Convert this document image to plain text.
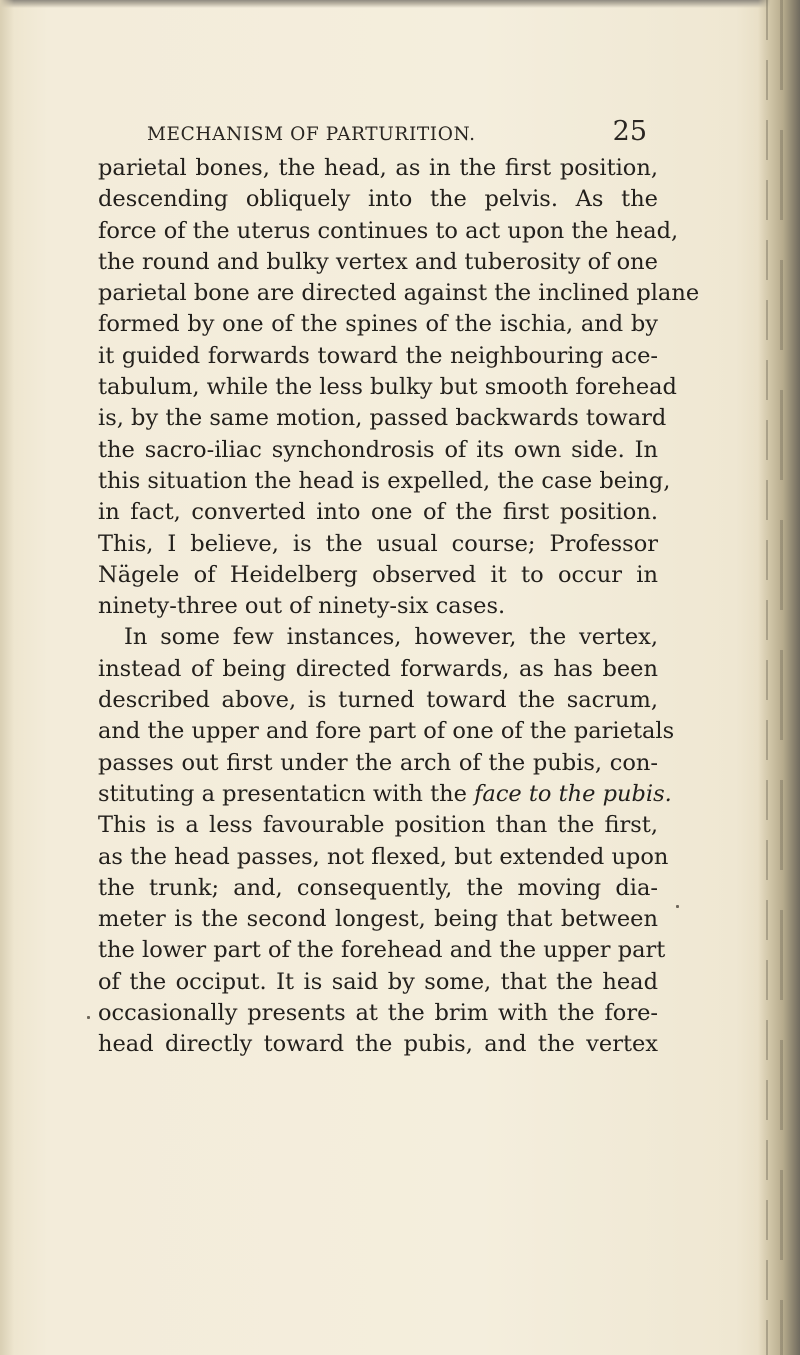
MECHANISM OF PARTURITION.	25
parietal bones, the head, as in the first position,
descending obliquely into the pelvis. As the
force of the uterus continues to act upon the head,
the round and bulky vertex and tuberosity of one
parietal bone are directed against the inclined plane
formed by one of the spines of the ischia, and by
it guided forwards toward the neighbouring ace-
tabulum, while the less bulky but smooth forehead
is, by the same motion, passed backwards toward
the sacro-iliac synchondrosis of its own side. In
this situation the head is expelled, the case being,
in fact, converted into one of the first position.
This, I believe, is the usual course; Professor
Nägele of Heidelberg observed it to occur in
ninety-three out of ninety-six cases.
In some few instances, however, the vertex,
instead of being directed forwards, as has been
described above, is turned toward the sacrum,
and the upper and fore part of one of the parietals
passes out first under the arch of the pubis, con-
stituting a presentaticn with the face to the pubis.
This is a less favourable position than the first,
as the head passes, not flexed, but extended upon
the trunk; and, consequently, the moving dia-
meter is the second longest, being that between
the lower part of the forehead and the upper part
of the occiput. It is said by some, that the head
occasionally presents at the brim with the fore-
head directly toward the pubis, and the vertex
